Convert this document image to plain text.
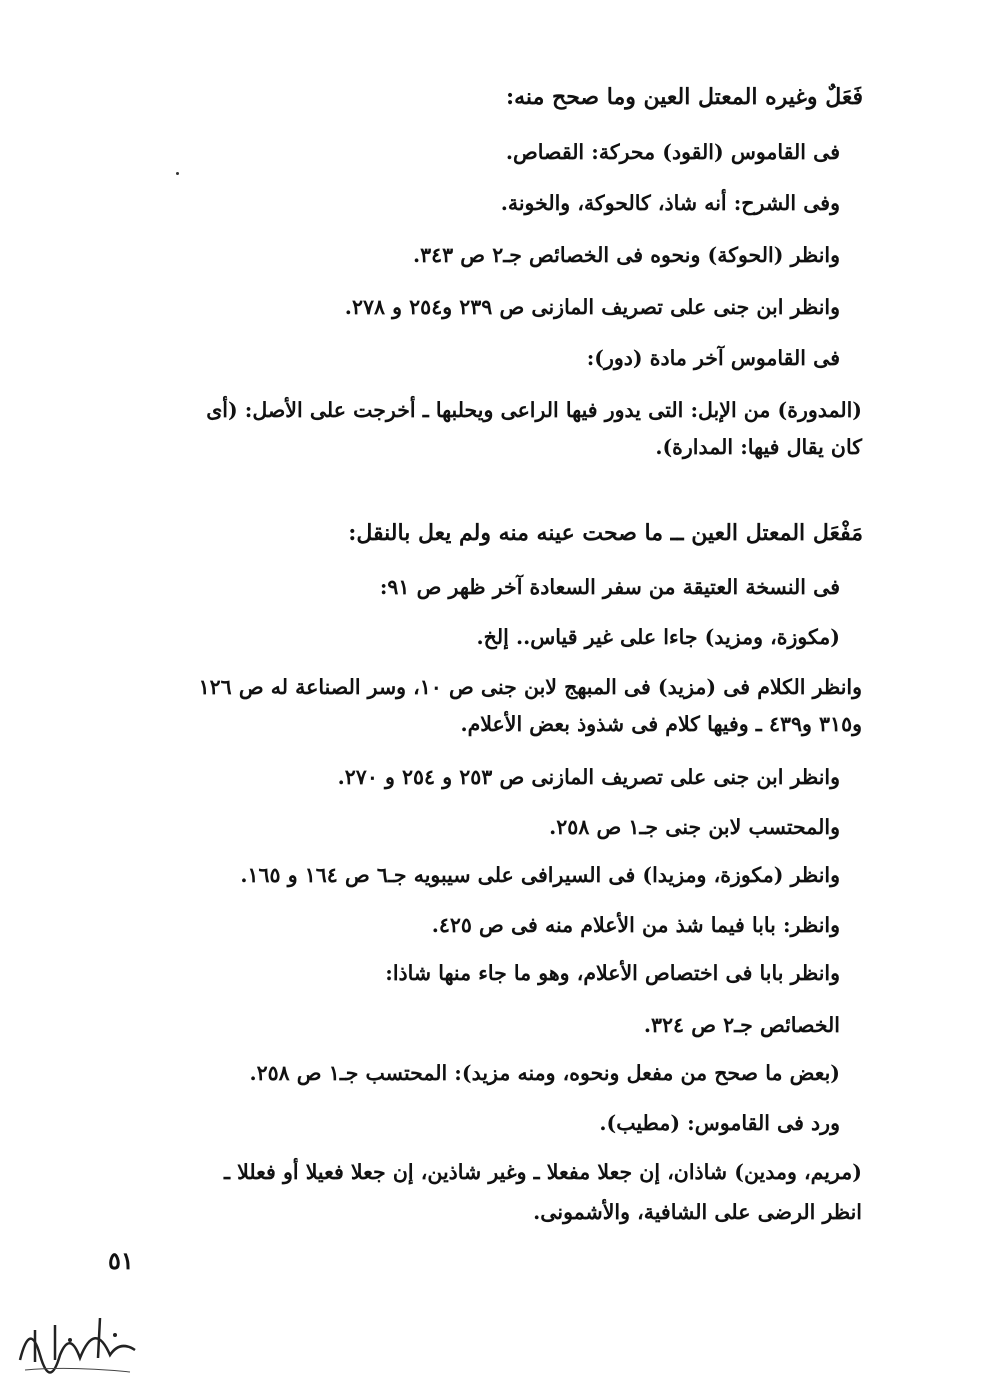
فَعَلٌ وغيره المعتل العين وما صحح منه:
فى القاموس (القود) محركة: القصاص.
وفى الشرح: أنه شاذ، كالحوكة، والخونة.
وانظر (الحوكة) ونحوه فى الخصائص جـ٢ ص ٣٤٣.
وانظر ابن جنى على تصريف المازنى ص ٢٣٩ و٢٥٤ و ٢٧٨.
فى القاموس آخر مادة (دور):
(المدورة) من الإبل: التى يدور فيها الراعى ويحلبها ـ أخرجت على الأصل: (أى
كان يقال فيها: المدارة).
مَفْعَل المعتل العين ــ ما صحت عينه منه ولم يعل بالنقل:
فى النسخة العتيقة من سفر السعادة آخر ظهر ص ٩١:
(مكوزة، ومزيد) جاءا على غير قياس.. إلخ.
وانظر الكلام فى (مزيد) فى المبهج لابن جنى ص ١٠، وسر الصناعة له ص ١٢٦
و٣١٥ و٤٣٩ ـ وفيها كلام فى شذوذ بعض الأعلام.
وانظر ابن جنى على تصريف المازنى ص ٢٥٣ و ٢٥٤ و ٢٧٠.
والمحتسب لابن جنى جـ١ ص ٢٥٨.
وانظر (مكوزة، ومزيدا) فى السيرافى على سيبويه جـ٦ ص ١٦٤ و ١٦٥.
وانظر: بابا فيما شذ من الأعلام منه فى ص ٤٢٥.
وانظر بابا فى اختصاص الأعلام، وهو ما جاء منها شاذا:
الخصائص جـ٢ ص ٣٢٤.
(بعض ما صحح من مفعل ونحوه، ومنه مزيد): المحتسب جـ١ ص ٢٥٨.
ورد فى القاموس: (مطيب).
(مريم، ومدين) شاذان، إن جعلا مفعلا ـ وغير شاذين، إن جعلا فعيلا أو فعللا ـ
انظر الرضى على الشافية، والأشمونى.
٥١
